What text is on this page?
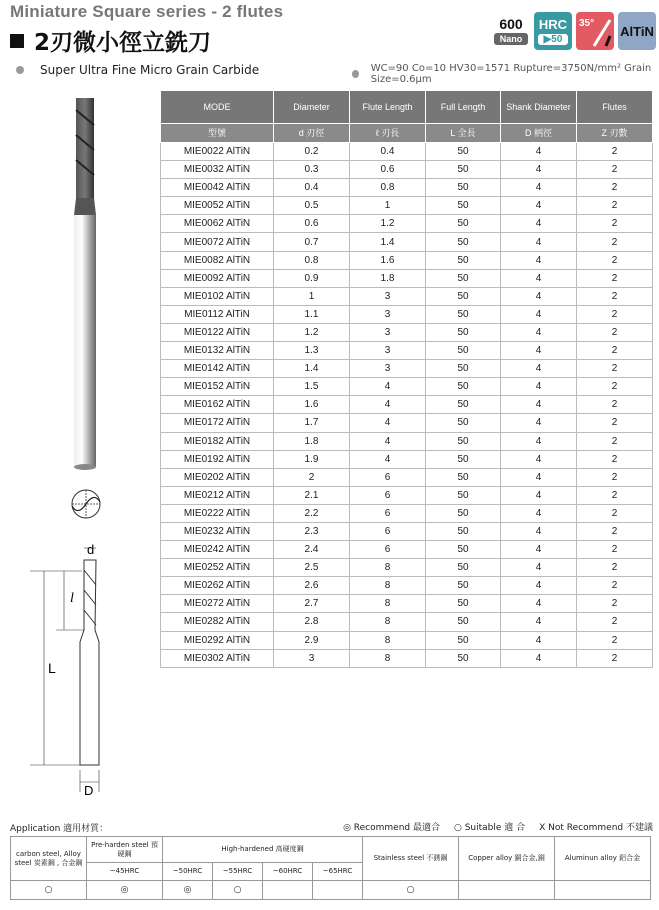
Miniature Square series - 2 flutes
2刃微小徑立銑刀
600
Nano
HRC
▶50
35° AlTiN
Super Ultra Fine Micro Grain Carbide	WC=90 Co=10 HV30=1571 Rupture=3750N/mm² Grain Size=0.6μm
d
l
L
D
MODE	Diameter	Flute Length	Full Length	Shank Diameter	Flutes
型號	d 刃徑	ℓ 刃長	L 全長	D 柄徑	Z 刃數
MIE0022 AlTiN	0.2	0.4	50	4	2
MIE0032 AlTiN	0.3	0.6	50	4	2
MIE0042 AlTiN	0.4	0.8	50	4	2
MIE0052 AlTiN	0.5	1	50	4	2
MIE0062 AlTiN	0.6	1.2	50	4	2
MIE0072 AlTiN	0.7	1.4	50	4	2
MIE0082 AlTiN	0.8	1.6	50	4	2
MIE0092 AlTiN	0.9	1.8	50	4	2
MIE0102 AlTiN	1	3	50	4	2
MIE0112 AlTiN	1.1	3	50	4	2
MIE0122 AlTiN	1.2	3	50	4	2
MIE0132 AlTiN	1.3	3	50	4	2
MIE0142 AlTiN	1.4	3	50	4	2
MIE0152 AlTiN	1.5	4	50	4	2
MIE0162 AlTiN	1.6	4	50	4	2
MIE0172 AlTiN	1.7	4	50	4	2
MIE0182 AlTiN	1.8	4	50	4	2
MIE0192 AlTiN	1.9	4	50	4	2
MIE0202 AlTiN	2	6	50	4	2
MIE0212 AlTiN	2.1	6	50	4	2
MIE0222 AlTiN	2.2	6	50	4	2
MIE0232 AlTiN	2.3	6	50	4	2
MIE0242 AlTiN	2.4	6	50	4	2
MIE0252 AlTiN	2.5	8	50	4	2
MIE0262 AlTiN	2.6	8	50	4	2
MIE0272 AlTiN	2.7	8	50	4	2
MIE0282 AlTiN	2.8	8	50	4	2
MIE0292 AlTiN	2.9	8	50	4	2
MIE0302 AlTiN	3	8	50	4	2
Application 適用材質：	◎ Recommend 最適合 ○ Suitable 適 合 X Not Recommend 不建議
carbon steel, Alloy steel 炭素鋼 , 合金鋼	Pre-harden steel 預硬鋼	High-hardened 高硬度鋼				Stainless steel 不銹鋼	Copper alloy 銅合金,銅	Aluminun alloy 鋁合金
	~45HRC	~50HRC	~55HRC	~60HRC	~65HRC			
○	◎	◎	○			○		
